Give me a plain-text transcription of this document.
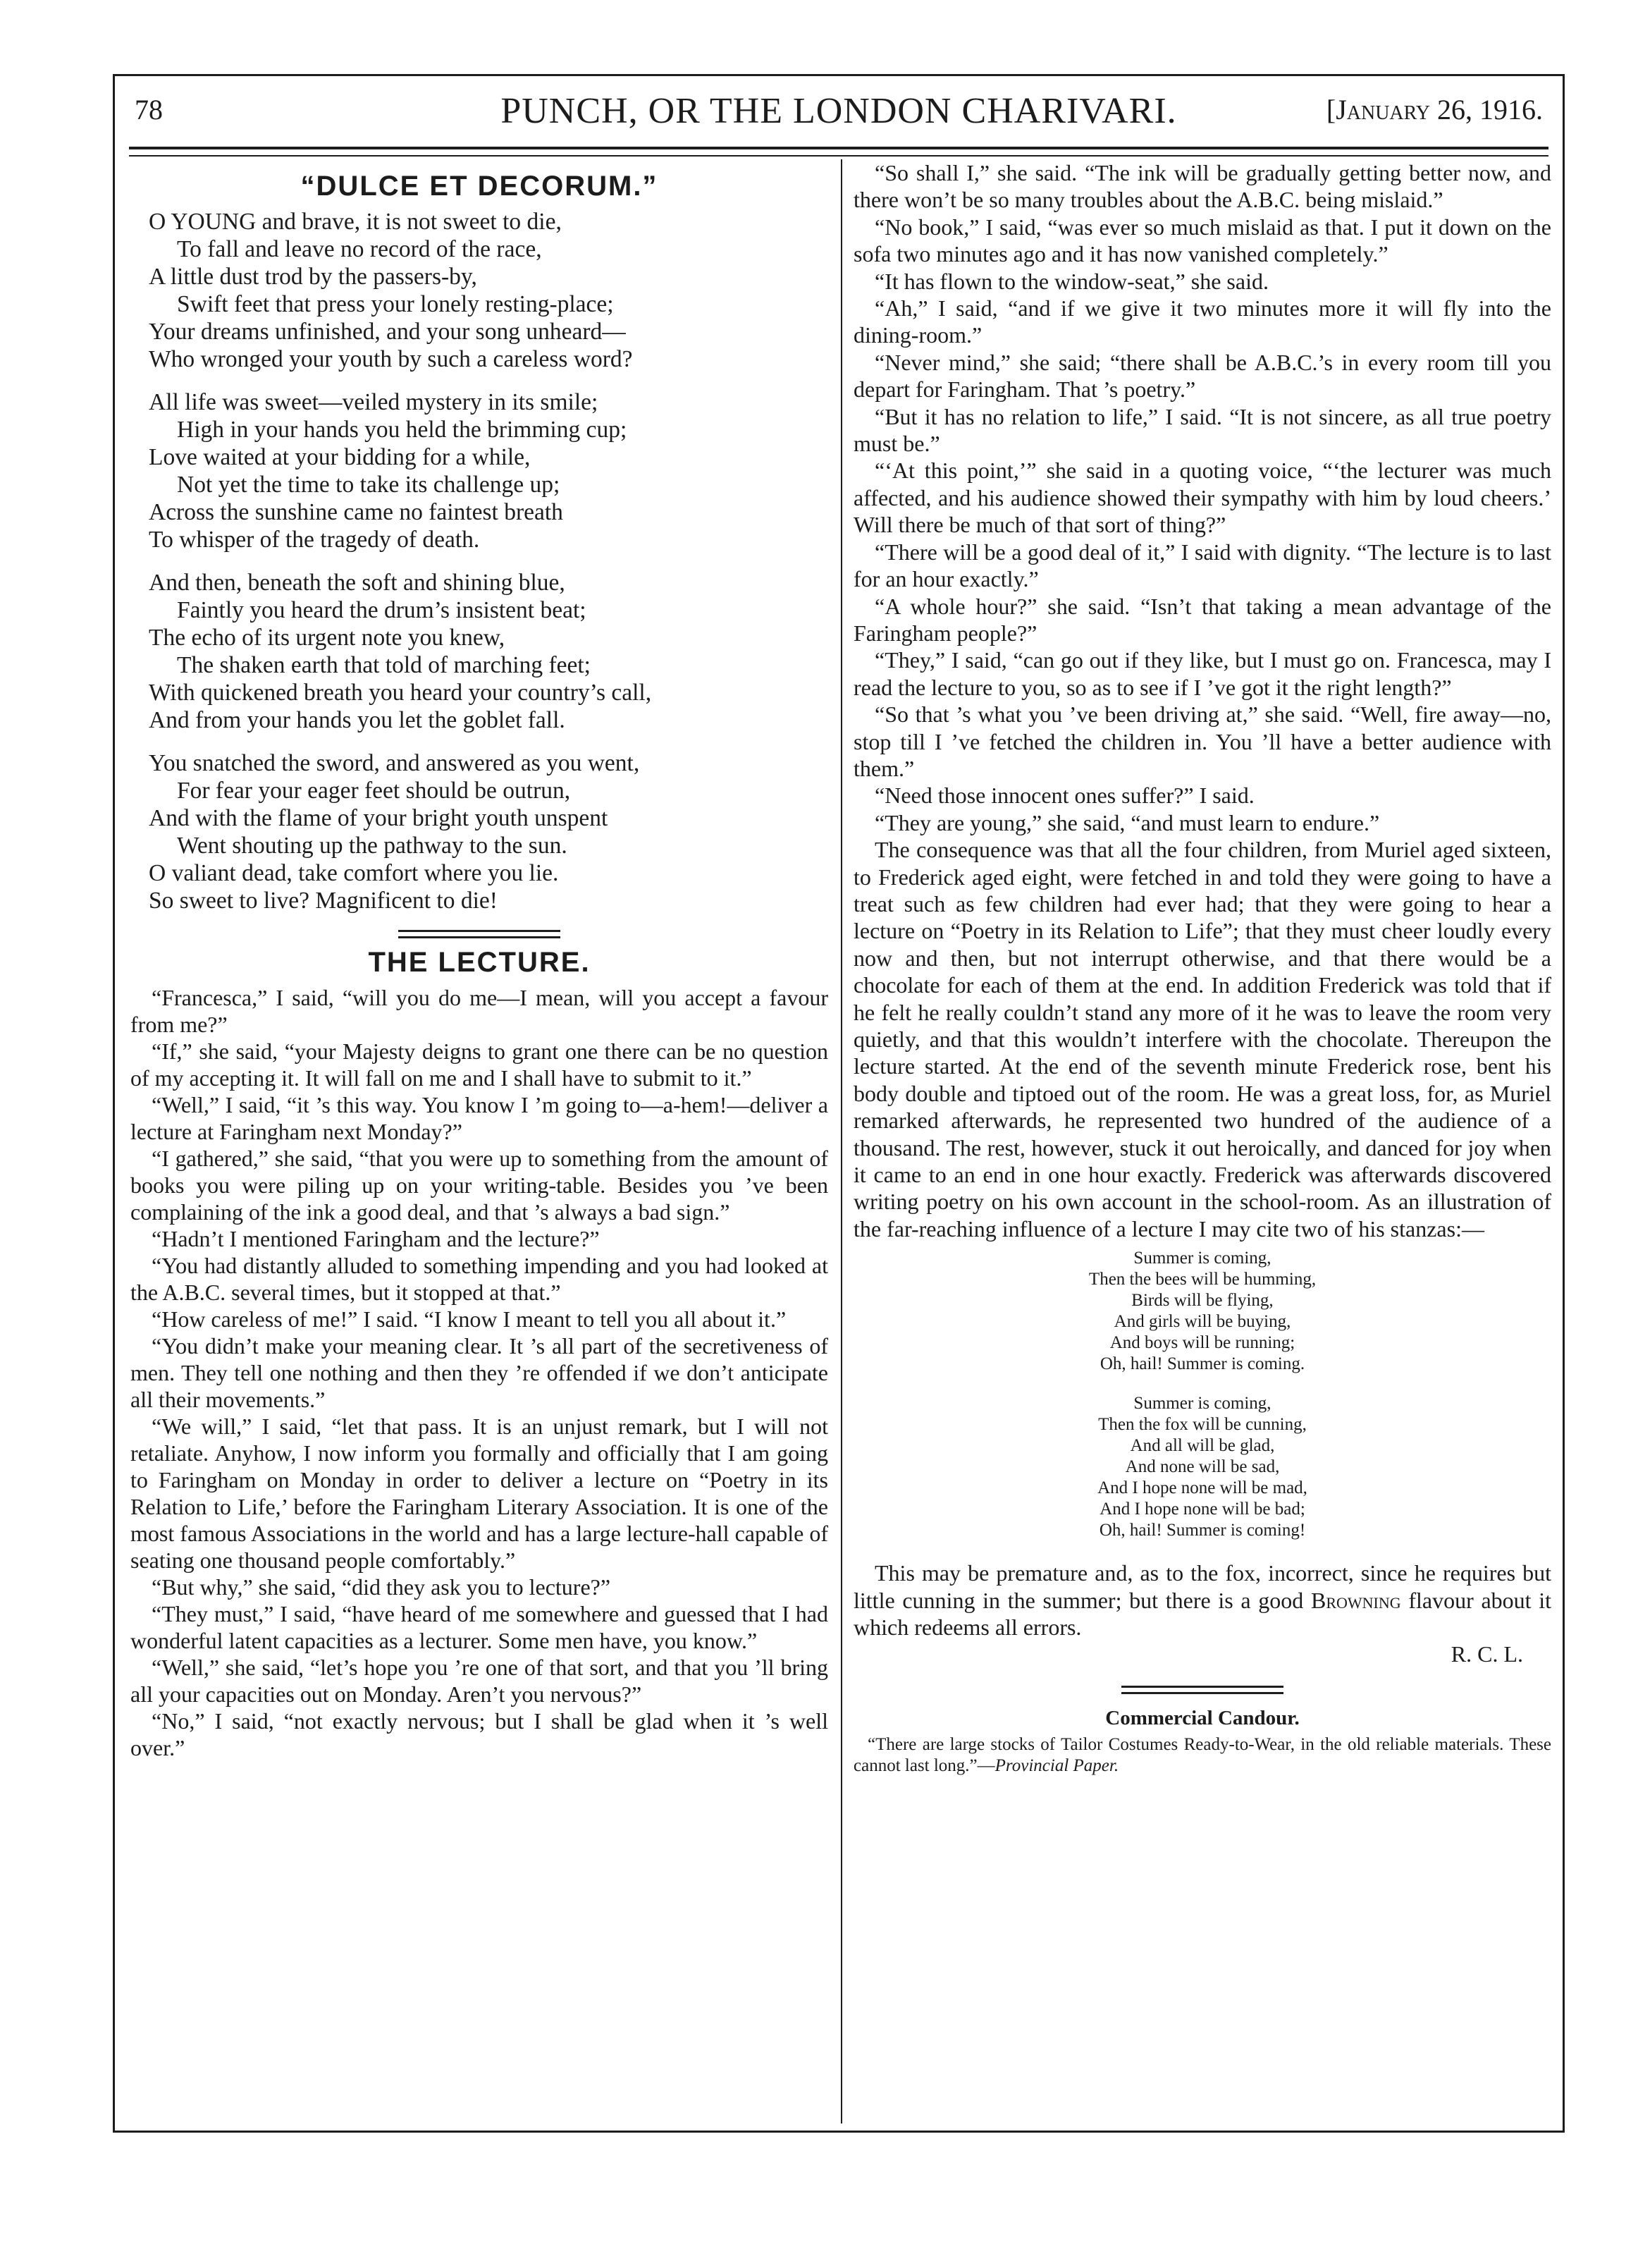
78	PUNCH, OR THE LONDON CHARIVARI.	[January 26, 1916.
“DULCE ET DECORUM.”
O YOUNG and brave, it is not sweet to die,
To fall and leave no record of the race,
A little dust trod by the passers-by,
Swift feet that press your lonely resting-place;
Your dreams unfinished, and your song unheard—
Who wronged your youth by such a careless word?
All life was sweet—veiled mystery in its smile;
High in your hands you held the brimming cup;
Love waited at your bidding for a while,
Not yet the time to take its challenge up;
Across the sunshine came no faintest breath
To whisper of the tragedy of death.
And then, beneath the soft and shining blue,
Faintly you heard the drum’s insistent beat;
The echo of its urgent note you knew,
The shaken earth that told of marching feet;
With quickened breath you heard your country’s call,
And from your hands you let the goblet fall.
You snatched the sword, and answered as you went,
For fear your eager feet should be outrun,
And with the flame of your bright youth unspent
Went shouting up the pathway to the sun.
O valiant dead, take comfort where you lie.
So sweet to live? Magnificent to die!
THE LECTURE.

“Francesca,” I said, “will you do me—I mean, will you accept a favour from me?”

“If,” she said, “your Majesty deigns to grant one there can be no question of my accepting it. It will fall on me and I shall have to submit to it.”

“Well,” I said, “it ’s this way. You know I ’m going to—a-hem!—deliver a lecture at Faringham next Monday?”

“I gathered,” she said, “that you were up to something from the amount of books you were piling up on your writing-table. Besides you ’ve been complaining of the ink a good deal, and that ’s always a bad sign.”

“Hadn’t I mentioned Faringham and the lecture?”

“You had distantly alluded to something impending and you had looked at the A.B.C. several times, but it stopped at that.”

“How careless of me!” I said. “I know I meant to tell you all about it.”

“You didn’t make your meaning clear. It ’s all part of the secretiveness of men. They tell one nothing and then they ’re offended if we don’t anticipate all their movements.”

“We will,” I said, “let that pass. It is an unjust remark, but I will not retaliate. Anyhow, I now inform you formally and officially that I am going to Faringham on Monday in order to deliver a lecture on “Poetry in its Relation to Life,’ before the Faringham Literary Association. It is one of the most famous Associations in the world and has a large lecture-hall capable of seating one thousand people comfortably.”

“But why,” she said, “did they ask you to lecture?”

“They must,” I said, “have heard of me somewhere and guessed that I had wonderful latent capacities as a lecturer. Some men have, you know.”

“Well,” she said, “let’s hope you ’re one of that sort, and that you ’ll bring all your capacities out on Monday. Aren’t you nervous?”

“No,” I said, “not exactly nervous; but I shall be glad when it ’s well over.”

“So shall I,” she said. “The ink will be gradually getting better now, and there won’t be so many troubles about the A.B.C. being mislaid.”

“No book,” I said, “was ever so much mislaid as that. I put it down on the sofa two minutes ago and it has now vanished completely.”

“It has flown to the window-seat,” she said.

“Ah,” I said, “and if we give it two minutes more it will fly into the dining-room.”

“Never mind,” she said; “there shall be A.B.C.’s in every room till you depart for Faringham. That ’s poetry.”

“But it has no relation to life,” I said. “It is not sincere, as all true poetry must be.”

“‘At this point,’” she said in a quoting voice, “‘the lecturer was much affected, and his audience showed their sympathy with him by loud cheers.’ Will there be much of that sort of thing?”

“There will be a good deal of it,” I said with dignity. “The lecture is to last for an hour exactly.”

“A whole hour?” she said. “Isn’t that taking a mean advantage of the Faringham people?”

“They,” I said, “can go out if they like, but I must go on. Francesca, may I read the lecture to you, so as to see if I ’ve got it the right length?”

“So that ’s what you ’ve been driving at,” she said. “Well, fire away—no, stop till I ’ve fetched the children in. You ’ll have a better audience with them.”

“Need those innocent ones suffer?” I said.

“They are young,” she said, “and must learn to endure.”

The consequence was that all the four children, from Muriel aged sixteen, to Frederick aged eight, were fetched in and told they were going to have a treat such as few children had ever had; that they were going to hear a lecture on “Poetry in its Relation to Life”; that they must cheer loudly every now and then, but not interrupt otherwise, and that there would be a chocolate for each of them at the end. In addition Frederick was told that if he felt he really couldn’t stand any more of it he was to leave the room very quietly, and that this wouldn’t interfere with the chocolate. Thereupon the lecture started. At the end of the seventh minute Frederick rose, bent his body double and tiptoed out of the room. He was a great loss, for, as Muriel remarked afterwards, he represented two hundred of the audience of a thousand. The rest, however, stuck it out heroically, and danced for joy when it came to an end in one hour exactly. Frederick was afterwards discovered writing poetry on his own account in the school-room. As an illustration of the far-reaching influence of a lecture I may cite two of his stanzas:—

Summer is coming,
Then the bees will be humming,
Birds will be flying,
And girls will be buying,
And boys will be running;
Oh, hail! Summer is coming.
Summer is coming,
Then the fox will be cunning,
And all will be glad,
And none will be sad,
And I hope none will be mad,
And I hope none will be bad;
Oh, hail! Summer is coming!

This may be premature and, as to the fox, incorrect, since he requires but little cunning in the summer; but there is a good Browning flavour about it which redeems all errors.

R. C. L.
Commercial Candour.

“There are large stocks of Tailor Costumes Ready-to-Wear, in the old reliable materials. These cannot last long.”—Provincial Paper.
